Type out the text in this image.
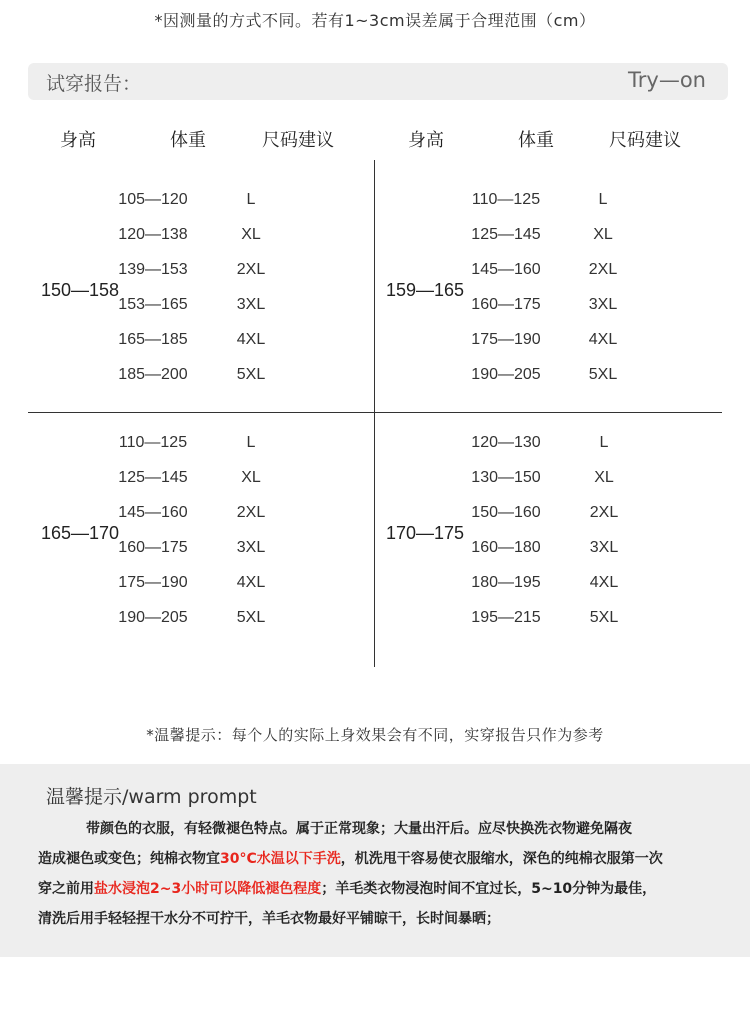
*因测量的方式不同。若有1~3cm误差属于合理范围（cm）
试穿报告：	Try—on
身高	体重	尺码建议	身高	体重	尺码建议
150—158
105—120	L
120—138	XL
139—153	2XL
153—165	3XL
165—185	4XL
185—200	5XL
159—165
110—125	L
125—145	XL
145—160	2XL
160—175	3XL
175—190	4XL
190—205	5XL
165—170
110—125	L
125—145	XL
145—160	2XL
160—175	3XL
175—190	4XL
190—205	5XL
170—175
120—130	L
130—150	XL
150—160	2XL
160—180	3XL
180—195	4XL
195—215	5XL
*温馨提示：每个人的实际上身效果会有不同，实穿报告只作为参考
温馨提示/warm prompt
带颜色的衣服，有轻微褪色特点。属于正常现象；大量出汗后。应尽快换洗衣物避免隔夜
造成褪色或变色；纯棉衣物宜30°C水温以下手洗，机洗甩干容易使衣服缩水，深色的纯棉衣服第一次
穿之前用盐水浸泡2~3小时可以降低褪色程度；羊毛类衣物浸泡时间不宜过长，5~10分钟为最佳，
清洗后用手轻轻捏干水分不可拧干，羊毛衣物最好平铺晾干，长时间暴晒；
